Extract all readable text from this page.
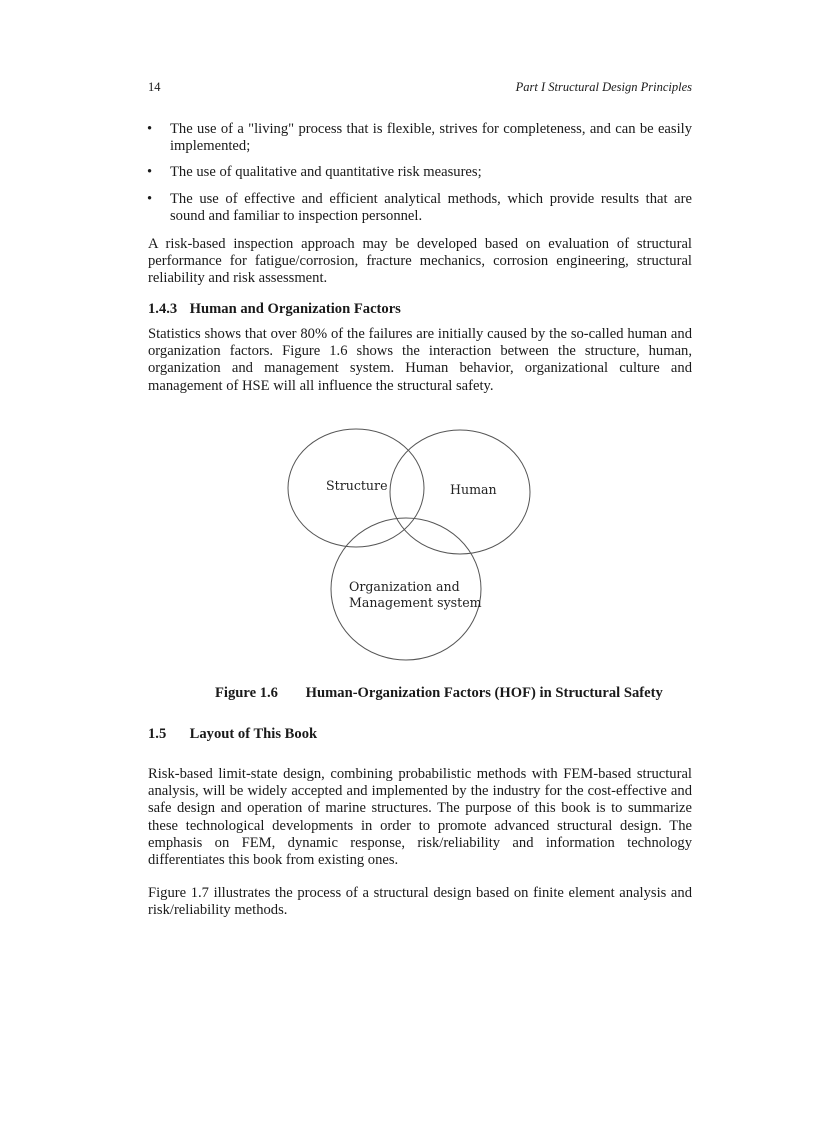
14	Part I Structural Design Principles
• The use of a "living" process that is flexible, strives for completeness, and can be easily implemented;
• The use of qualitative and quantitative risk measures;
• The use of effective and efficient analytical methods, which provide results that are sound and familiar to inspection personnel.

A risk-based inspection approach may be developed based on evaluation of structural performance for fatigue/corrosion, fracture mechanics, corrosion engineering, structural reliability and risk assessment.

1.4.3 Human and Organization Factors

Statistics shows that over 80% of the failures are initially caused by the so-called human and organization factors. Figure 1.6 shows the interaction between the structure, human, organization and management system. Human behavior, organizational culture and management of HSE will all influence the structural safety.

Structure	Human
Organization and
Management system
Figure 1.6 Human-Organization Factors (HOF) in Structural Safety
1.5 Layout of This Book

Risk-based limit-state design, combining probabilistic methods with FEM-based structural analysis, will be widely accepted and implemented by the industry for the cost-effective and safe design and operation of marine structures. The purpose of this book is to summarize these technological developments in order to promote advanced structural design. The emphasis on FEM, dynamic response, risk/reliability and information technology differentiates this book from existing ones.

Figure 1.7 illustrates the process of a structural design based on finite element analysis and risk/reliability methods.
